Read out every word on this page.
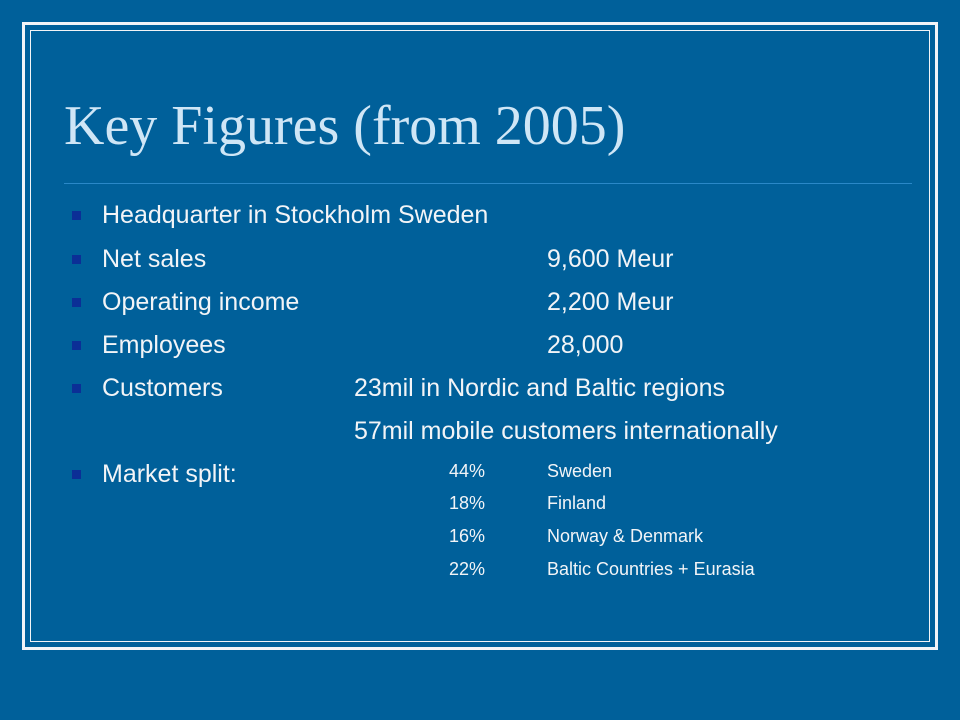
Key Figures (from 2005)
Headquarter in Stockholm Sweden
Net sales	9,600 Meur
Operating income	2,200 Meur
Employees	28,000
Customers	23mil in Nordic and Baltic regions
57mil mobile customers internationally
Market split:	44%	Sweden
18%	Finland
16%	Norway & Denmark
22%	Baltic Countries + Eurasia
